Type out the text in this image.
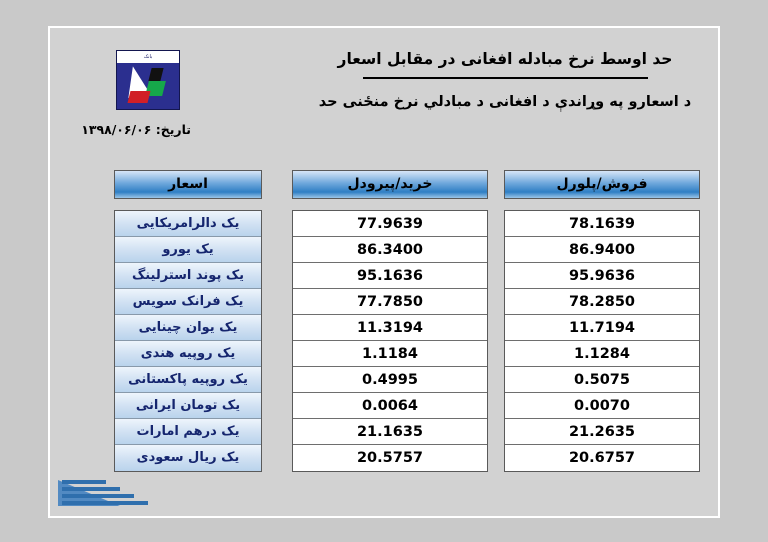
حد اوسط نرخ مبادله افغانی در مقابل اسعار
د اسعارو په وړاندې د افغانی د مبادلي نرخ منځنی حد
بانک
تاریخ: ۱۳۹۸/۰۶/۰۶
فروش/پلورل
78.1639
86.9400
95.9636
78.2850
11.7194
1.1284
0.5075
0.0070
21.2635
20.6757
خرید/پیرودل
77.9639
86.3400
95.1636
77.7850
11.3194
1.1184
0.4995
0.0064
21.1635
20.5757
اسعار
یک دالرامریکایی
یک یورو
یک پوند استرلینگ
یک فرانک سویس
یک یوان چینایی
یک روپیه هندی
یک روپیه پاکستانی
یک تومان ایرانی
یک درهم امارات
یک ریال سعودی
